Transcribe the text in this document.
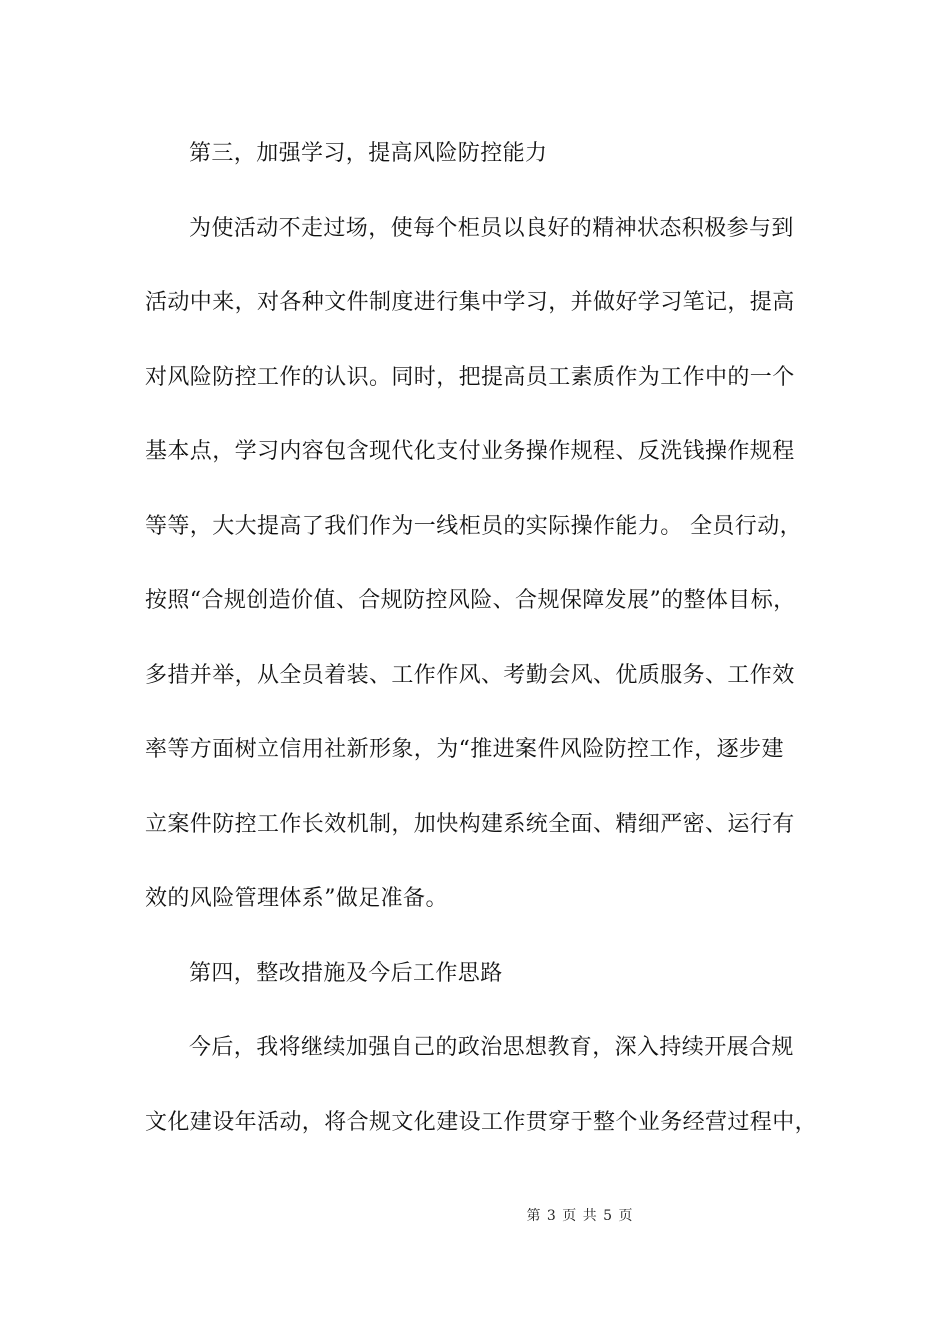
第三，加强学习，提高风险防控能力
为使活动不走过场，使每个柜员以良好的精神状态积极参与到
活动中来，对各种文件制度进行集中学习，并做好学习笔记，提高
对风险防控工作的认识。同时，把提高员工素质作为工作中的一个
基本点，学习内容包含现代化支付业务操作规程、反洗钱操作规程
等等，大大提高了我们作为一线柜员的实际操作能力。 全员行动，
按照“合规创造价值、合规防控风险、合规保障发展”的整体目标，
多措并举，从全员着装、工作作风、考勤会风、优质服务、工作效
率等方面树立信用社新形象，为“推进案件风险防控工作，逐步建
立案件防控工作长效机制，加快构建系统全面、精细严密、运行有
效的风险管理体系”做足准备。
第四，整改措施及今后工作思路
今后，我将继续加强自己的政治思想教育，深入持续开展合规
文化建设年活动，将合规文化建设工作贯穿于整个业务经营过程中，
第 3 页 共 5 页
